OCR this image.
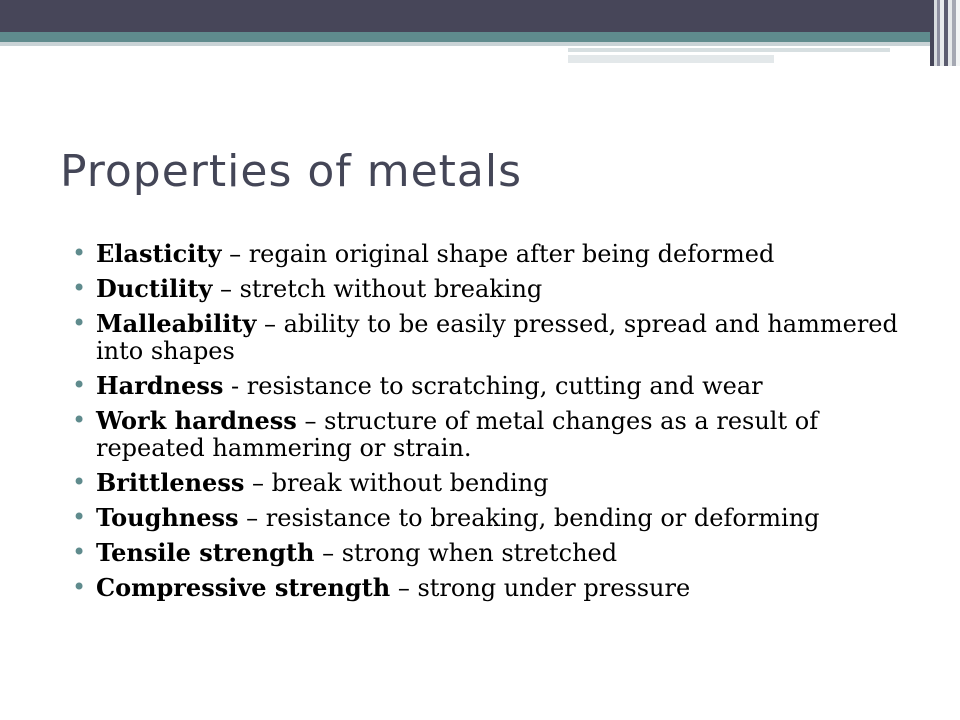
Properties of metals
• Elasticity – regain original shape after being deformed
• Ductility – stretch without breaking
• Malleability – ability to be easily pressed, spread and hammered into shapes
• Hardness - resistance to scratching, cutting and wear
• Work hardness – structure of metal changes as a result of repeated hammering or strain.
• Brittleness – break without bending
• Toughness – resistance to breaking, bending or deforming
• Tensile strength – strong when stretched
• Compressive strength – strong under pressure
